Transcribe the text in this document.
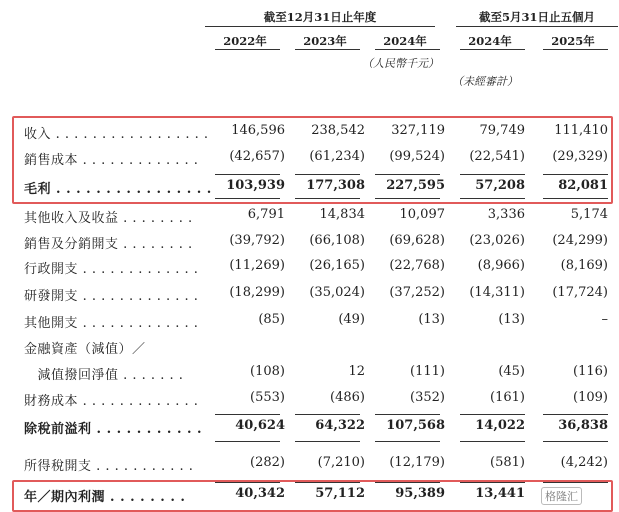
截至12月31日止年度	截至5月31日止五個月
2022年	2023年	2024年	2024年	2025年
（人民幣千元）
（未經審計）
收入 . . . . . . . . . . . . . . . . .	146,596	238,542	327,119	79,749	111,410
銷售成本 . . . . . . . . . . . . .	(42,657)	(61,234)	(99,524)	(22,541)	(29,329)
毛利 . . . . . . . . . . . . . . . .	103,939	177,308	227,595	57,208	82,081
其他收入及收益 . . . . . . . .	6,791	14,834	10,097	3,336	5,174
銷售及分銷開支 . . . . . . . .	(39,792)	(66,108)	(69,628)	(23,026)	(24,299)
行政開支 . . . . . . . . . . . . .	(11,269)	(26,165)	(22,768)	(8,966)	(8,169)
研發開支 . . . . . . . . . . . . .	(18,299)	(35,024)	(37,252)	(14,311)	(17,724)
其他開支 . . . . . . . . . . . . .	(85)	(49)	(13)	(13)	–
金融資產（減值）／
　減值撥回淨值 . . . . . . .	(108)	12	(111)	(45)	(116)
財務成本 . . . . . . . . . . . . .	(553)	(486)	(352)	(161)	(109)
除稅前溢利 . . . . . . . . . . .	40,624	64,322	107,568	14,022	36,838
所得稅開支 . . . . . . . . . . .	(282)	(7,210)	(12,179)	(581)	(4,242)
年／期內利潤 . . . . . . . .	40,342	57,112	95,389	13,441	格隆汇
